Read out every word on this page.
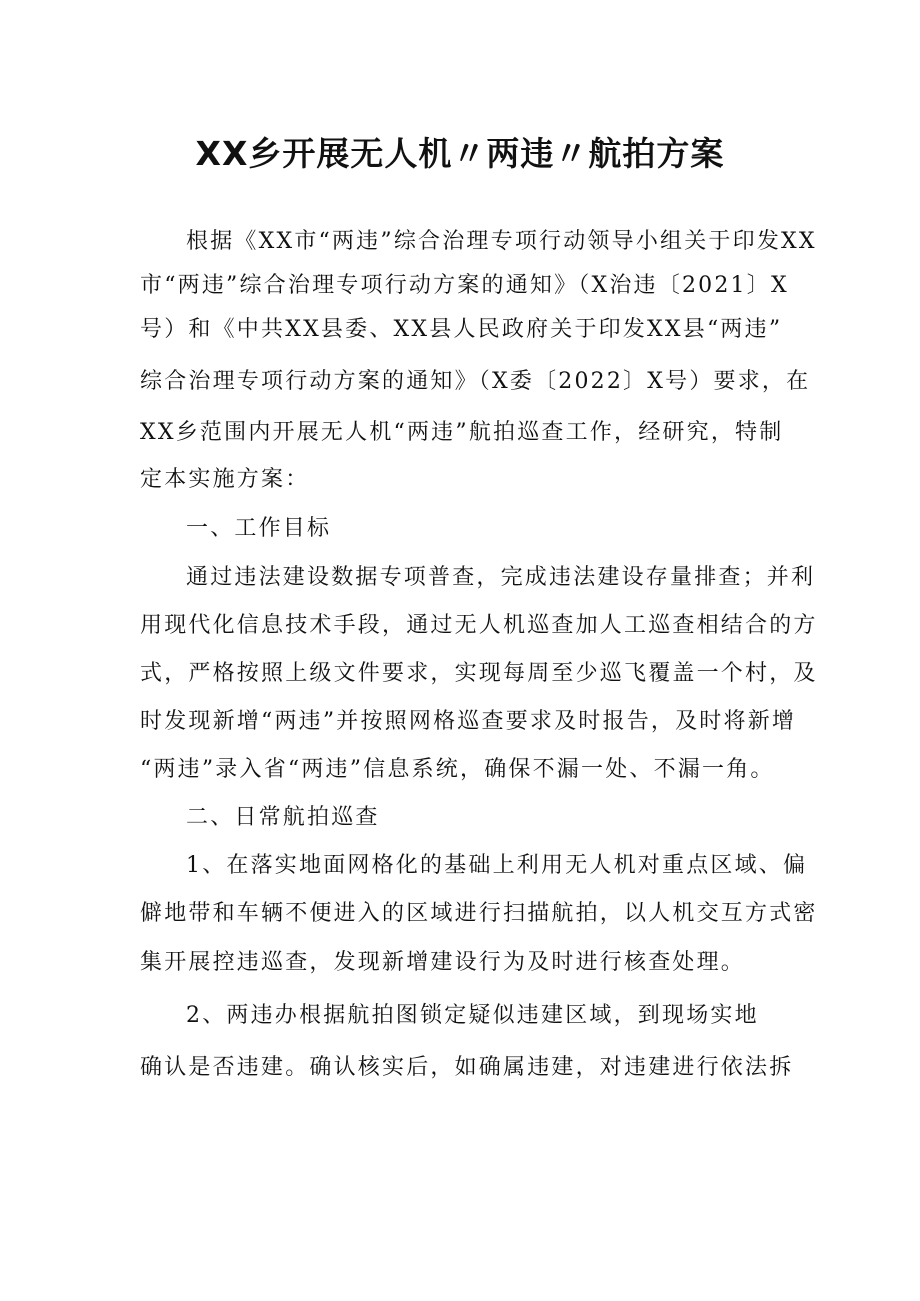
XX乡开展无人机〃两违〃航拍方案
根据《XX市“两违”综合治理专项行动领导小组关于印发XX
市“两违”综合治理专项行动方案的通知》（X治违〔2021〕X
号）和《中共XX县委、XX县人民政府关于印发XX县“两违”
综合治理专项行动方案的通知》（X委〔2022〕X号）要求，在
XX乡范围内开展无人机“两违”航拍巡查工作，经研究，特制
定本实施方案：
一、工作目标
通过违法建设数据专项普查，完成违法建设存量排查；并利
用现代化信息技术手段，通过无人机巡查加人工巡查相结合的方
式，严格按照上级文件要求，实现每周至少巡飞覆盖一个村，及
时发现新增“两违”并按照网格巡查要求及时报告，及时将新增
“两违”录入省“两违”信息系统，确保不漏一处、不漏一角。
二、日常航拍巡查
1、在落实地面网格化的基础上利用无人机对重点区域、偏
僻地带和车辆不便进入的区域进行扫描航拍，以人机交互方式密
集开展控违巡查，发现新增建设行为及时进行核查处理。
2、两违办根据航拍图锁定疑似违建区域，到现场实地
确认是否违建。确认核实后，如确属违建，对违建进行依法拆
